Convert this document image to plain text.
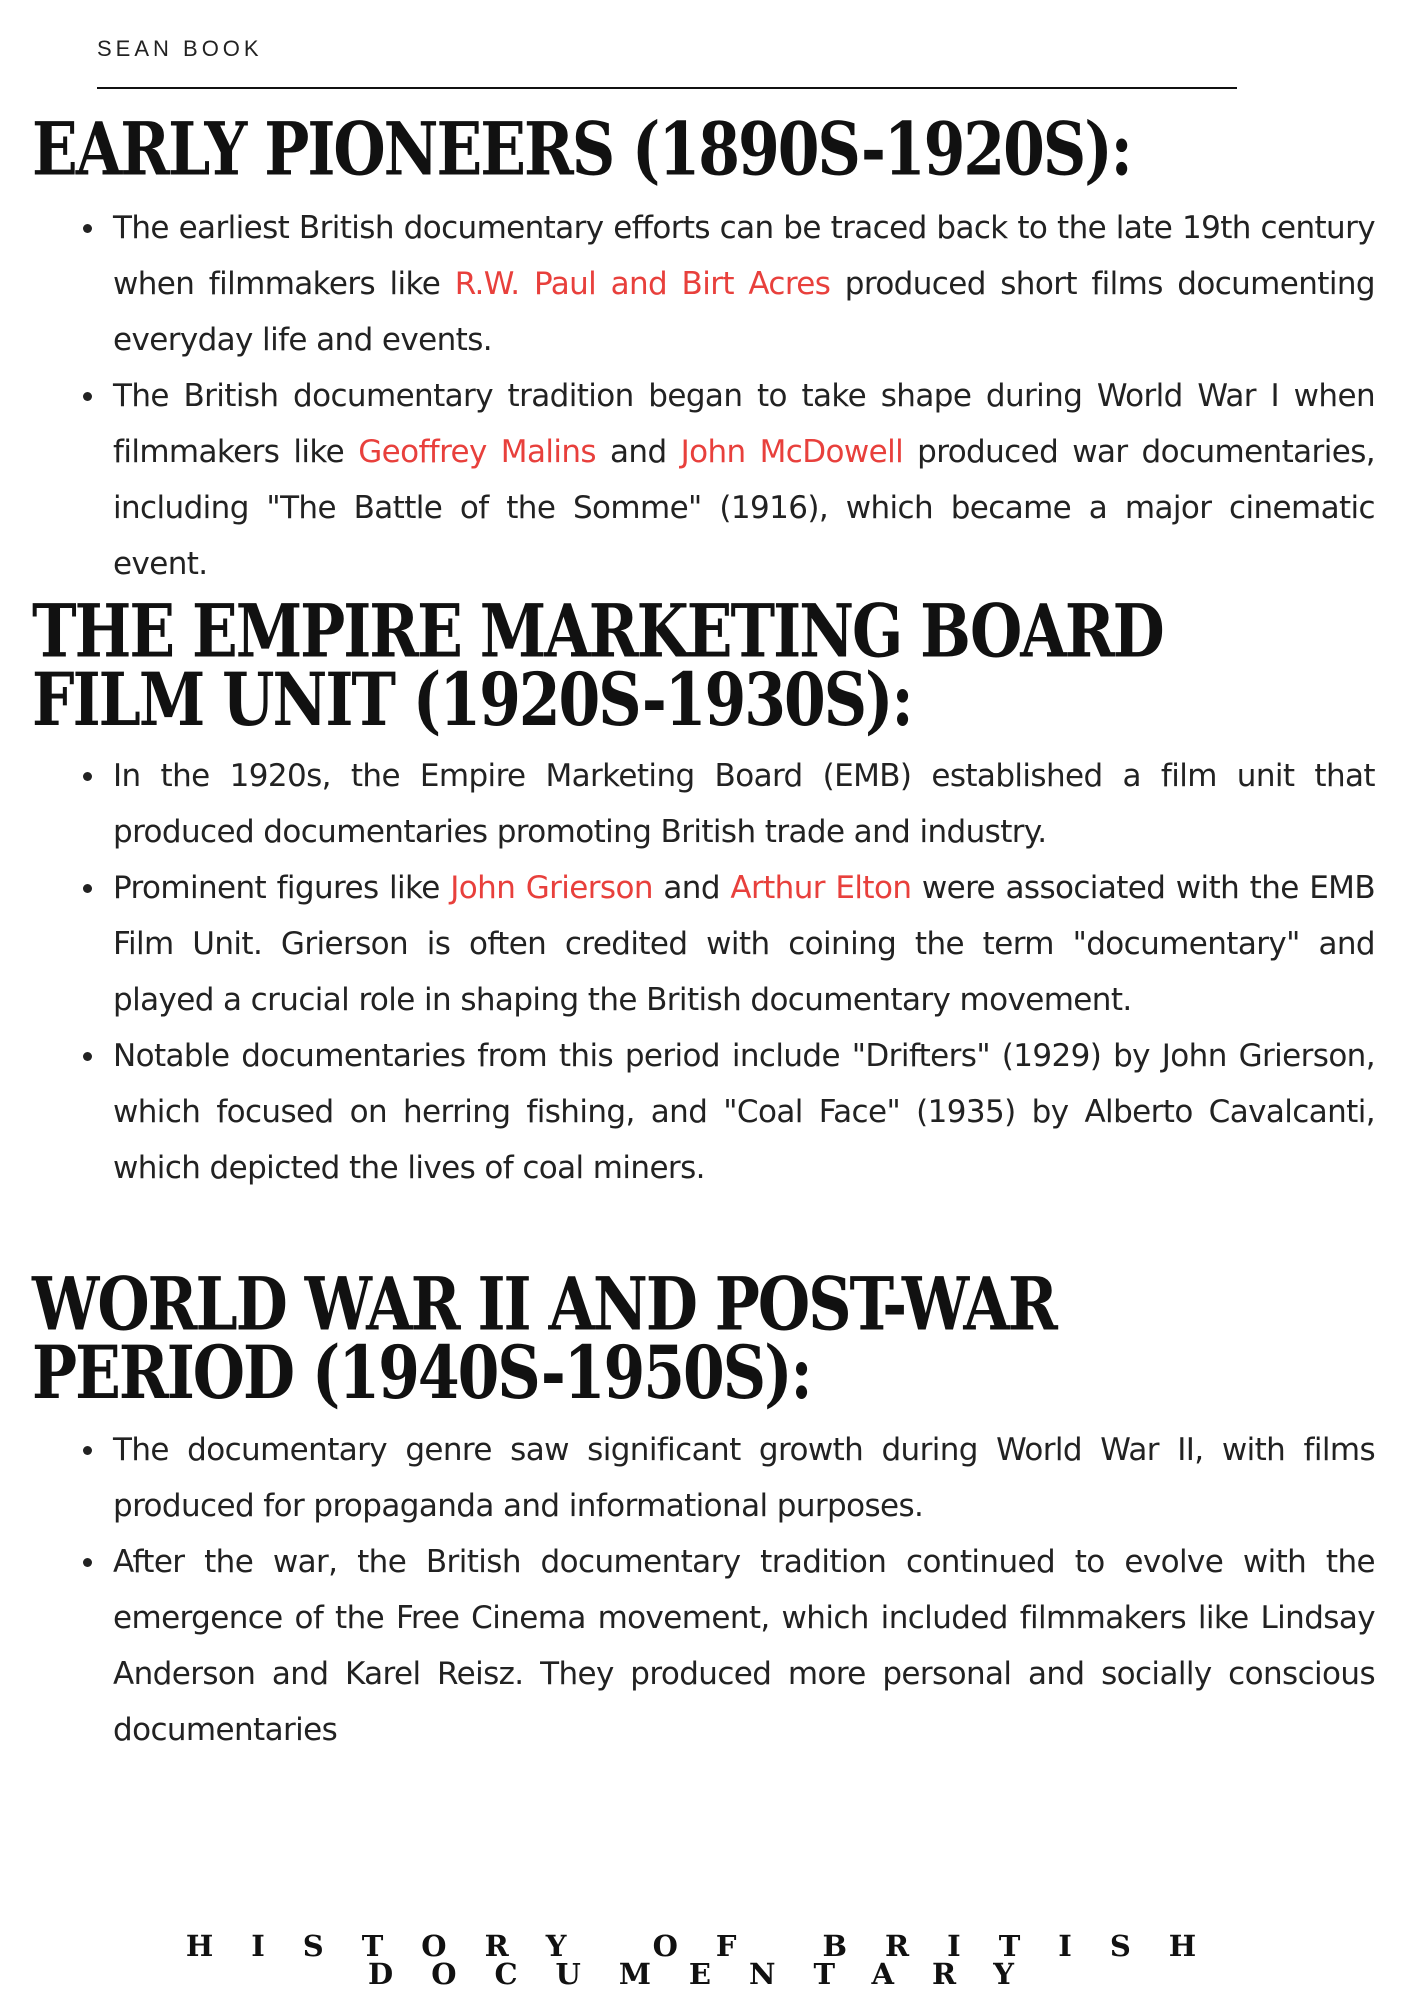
SEAN BOOK
EARLY PIONEERS (1890S-1920S):
The earliest British documentary efforts can be traced back to the late 19th century when filmmakers like R.W. Paul and Birt Acres produced short films documenting everyday life and events.
The British documentary tradition began to take shape during World War I when filmmakers like Geoffrey Malins and John McDowell produced war documentaries, including "The Battle of the Somme" (1916), which became a major cinematic event.
THE EMPIRE MARKETING BOARD FILM UNIT (1920S-1930S):
In the 1920s, the Empire Marketing Board (EMB) established a film unit that produced documentaries promoting British trade and industry.
Prominent figures like John Grierson and Arthur Elton were associated with the EMB Film Unit. Grierson is often credited with coining the term "documentary" and played a crucial role in shaping the British documentary movement.
Notable documentaries from this period include "Drifters" (1929) by John Grierson, which focused on herring fishing, and "Coal Face" (1935) by Alberto Cavalcanti, which depicted the lives of coal miners.
WORLD WAR II AND POST-WAR PERIOD (1940S-1950S):
The documentary genre saw significant growth during World War II, with films produced for propaganda and informational purposes.
After the war, the British documentary tradition continued to evolve with the emergence of the Free Cinema movement, which included filmmakers like Lindsay Anderson and Karel Reisz. They produced more personal and socially conscious documentaries

HISTORY OF BRITISH DOCUMENTARY
